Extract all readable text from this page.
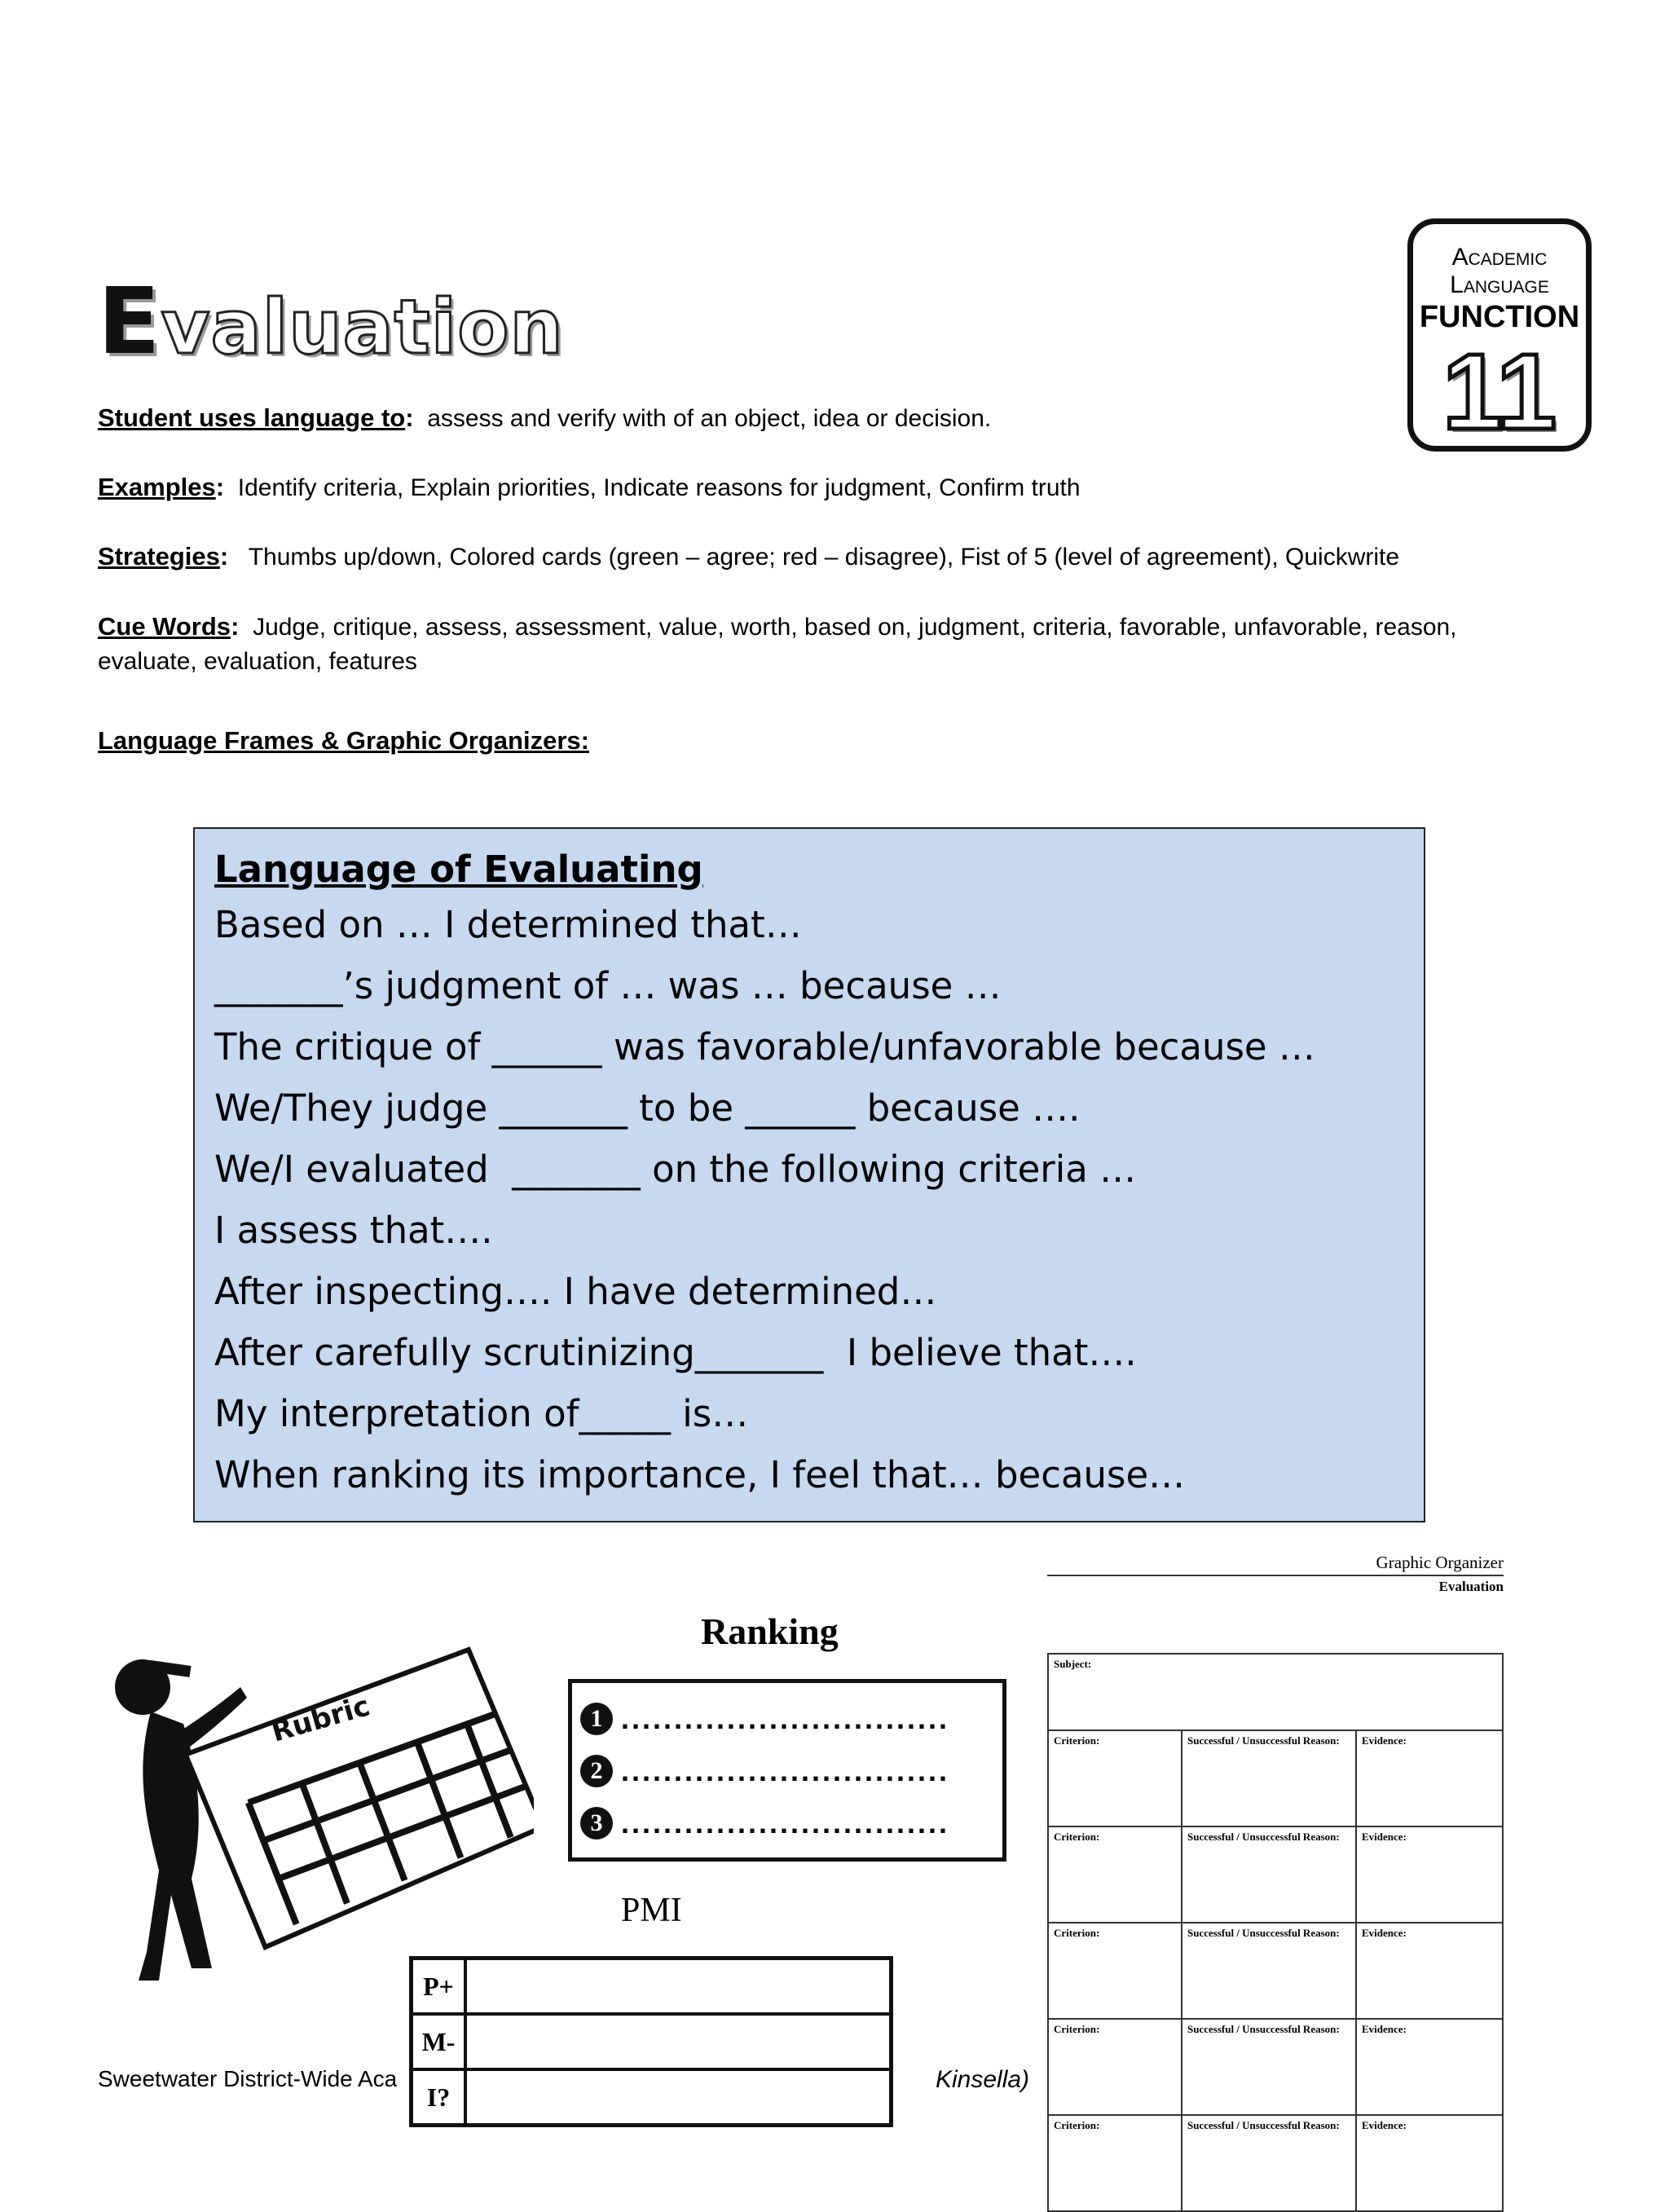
Evaluation
Academic
Language
FUNCTION
11
Student uses language to: assess and verify with of an object, idea or decision.
Examples: Identify criteria, Explain priorities, Indicate reasons for judgment, Confirm truth
Strategies: Thumbs up/down, Colored cards (green – agree; red – disagree), Fist of 5 (level of agreement), Quickwrite
Cue Words: Judge, critique, assess, assessment, value, worth, based on, judgment, criteria, favorable, unfavorable, reason, evaluate, evaluation, features
Language Frames & Graphic Organizers:
Language of Evaluating
Based on … I determined that…
_______’s judgment of … was … because …
The critique of ______ was favorable/unfavorable because …
We/They judge _______ to be ______ because ….
We/I evaluated  _______ on the following criteria …
I assess that….
After inspecting…. I have determined…
After carefully scrutinizing_______  I believe that….
My interpretation of_____ is…
When ranking its importance, I feel that… because…
Rubric
Ranking
1 ...............................
2 ...............................
3 ...............................
PMI
P+	
M-	
I?	
Sweetwater District-Wide Aca	Kinsella)
Graphic Organizer
Evaluation
Subject:		
Criterion:	Successful / Unsuccessful Reason:	Evidence:
Criterion:	Successful / Unsuccessful Reason:	Evidence:
Criterion:	Successful / Unsuccessful Reason:	Evidence:
Criterion:	Successful / Unsuccessful Reason:	Evidence:
Criterion:	Successful / Unsuccessful Reason:	Evidence:
